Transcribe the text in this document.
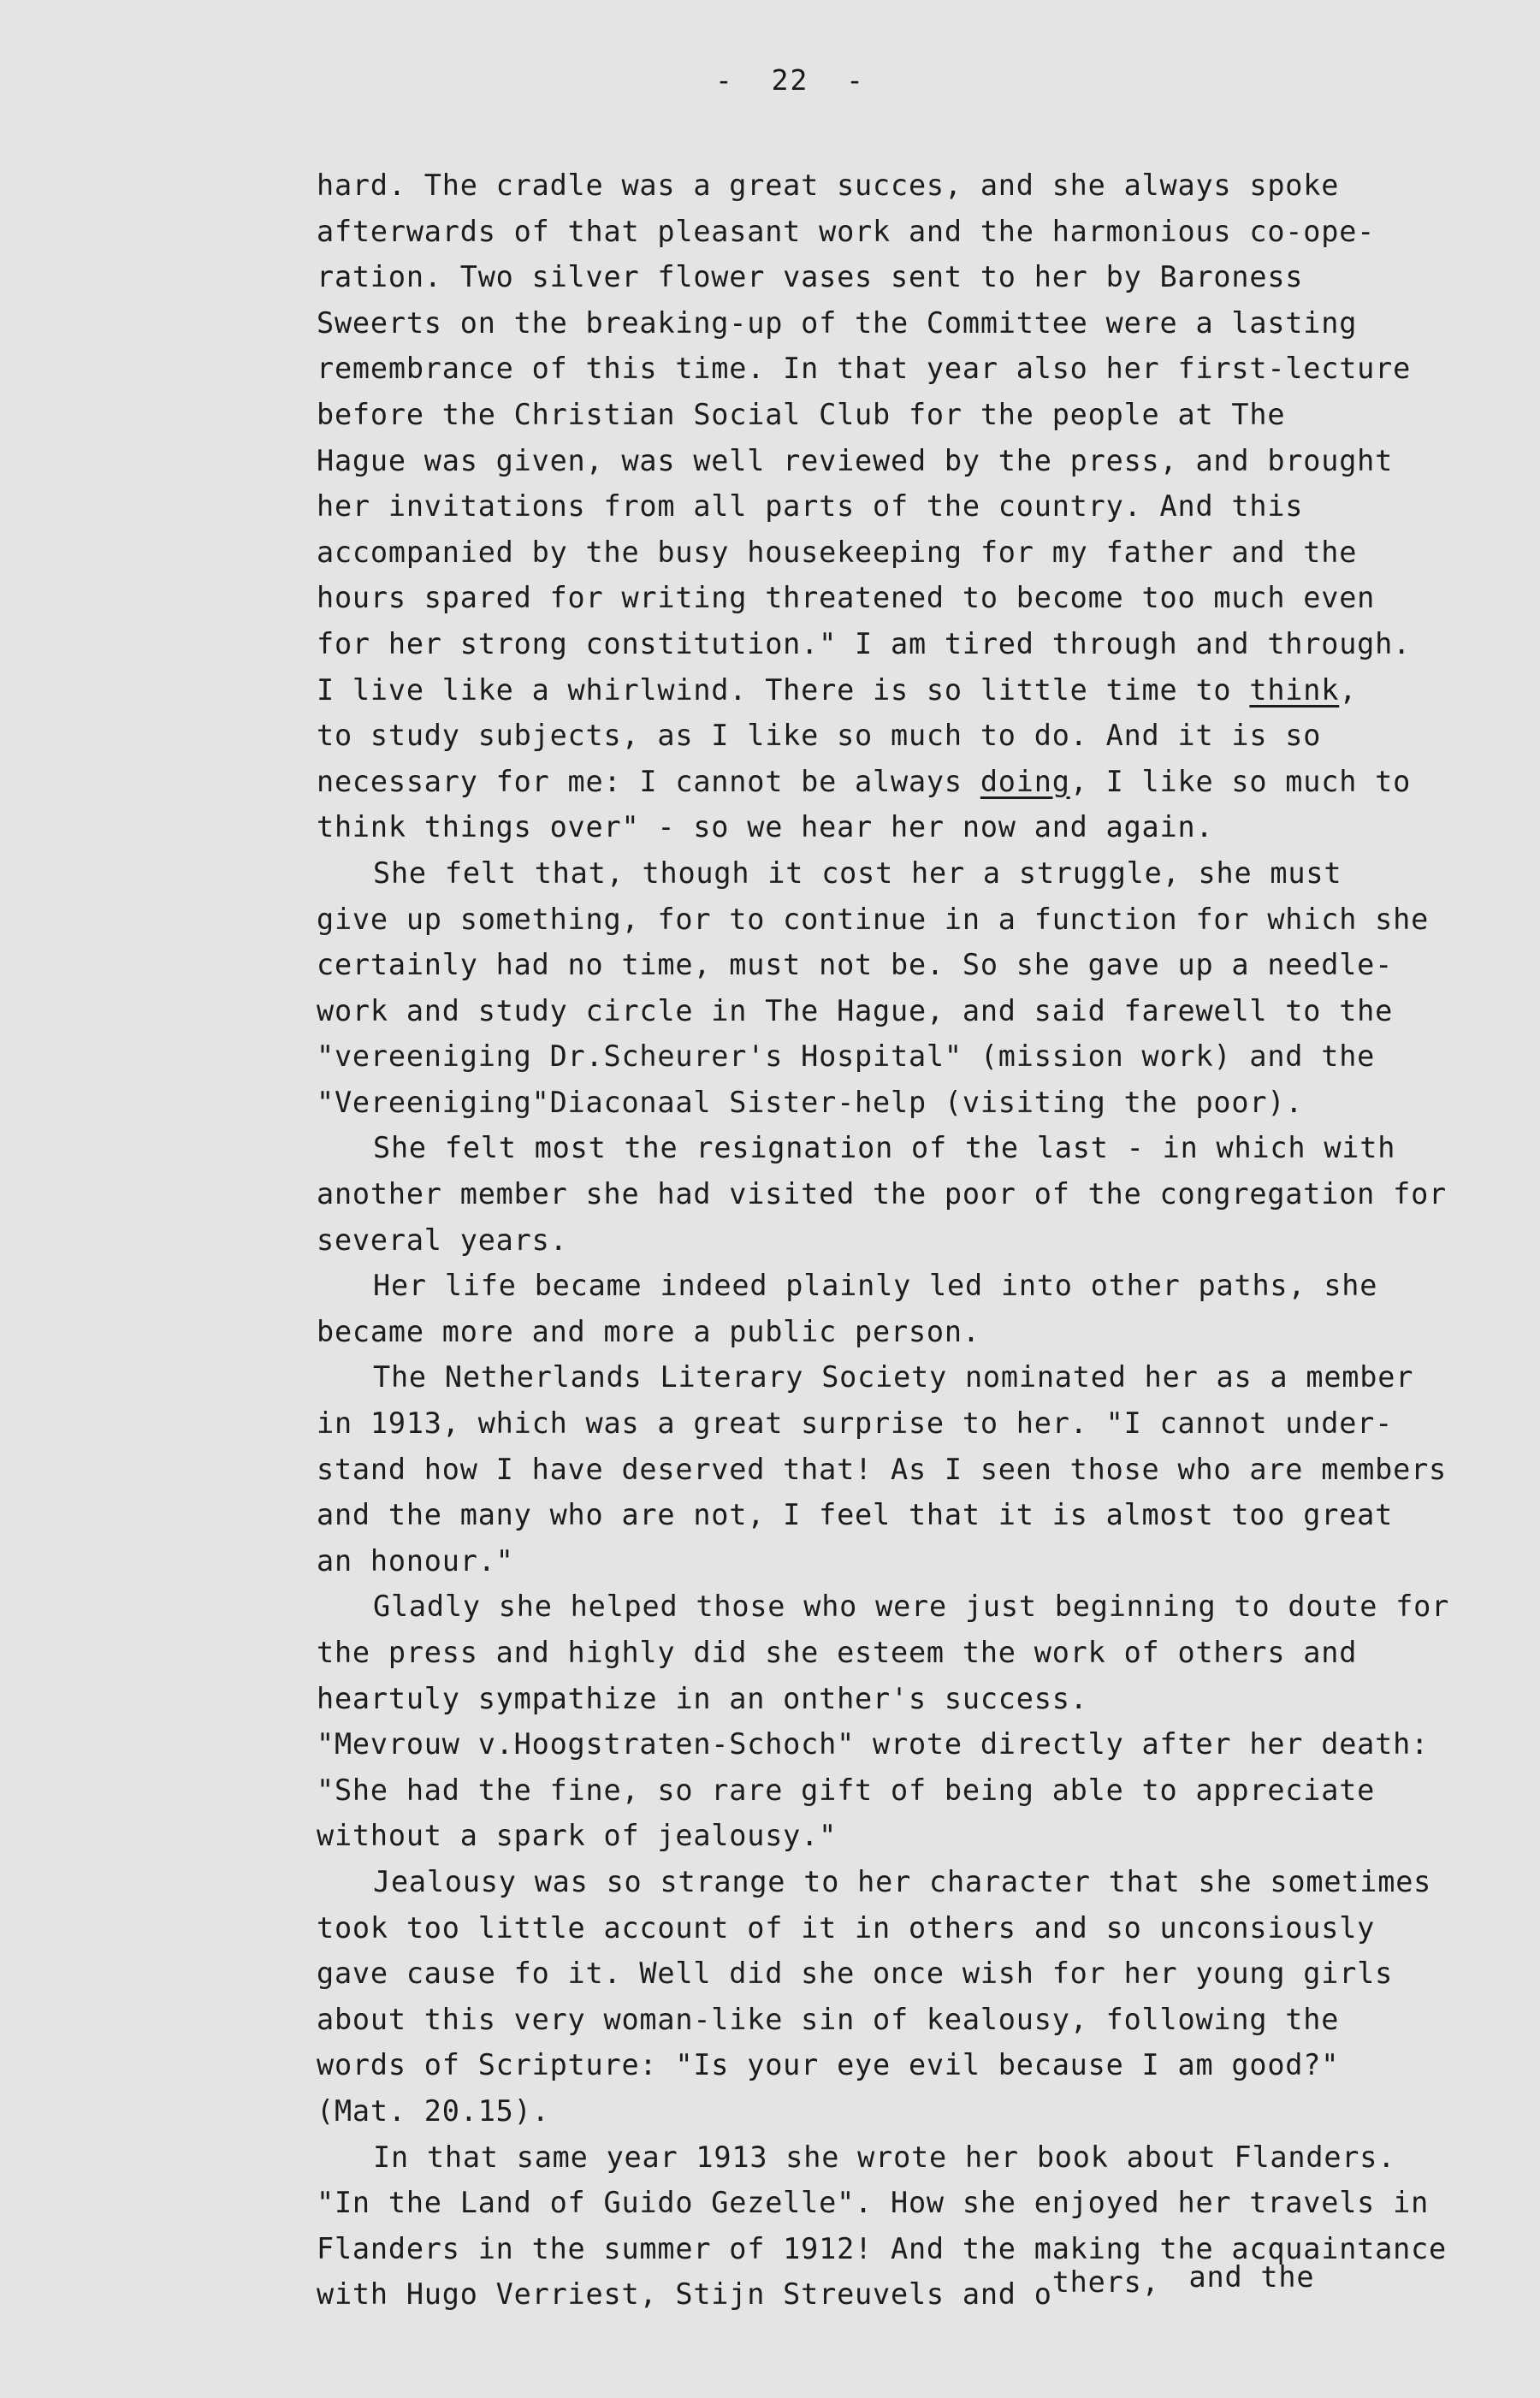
-  22  -
hard. The cradle was a great succes, and she always spoke
afterwards of that pleasant work and the harmonious co-ope-
ration. Two silver flower vases sent to her by Baroness
Sweerts on the breaking-up of the Committee were a lasting
remembrance of this time. In that year also her first-lecture
before the Christian Social Club for the people at The
Hague was given, was well reviewed by the press, and brought
her invitations from all parts of the country. And this
accompanied by the busy housekeeping for my father and the
hours spared for writing threatened to become too much even
for her strong constitution." I am tired through and through.
I live like a whirlwind. There is so little time to think,
to study subjects, as I like so much to do. And it is so
necessary for me: I cannot be always doing, I like so much to
think things over" - so we hear her now and again.
She felt that, though it cost her a struggle, she must
give up something, for to continue in a function for which she
certainly had no time, must not be. So she gave up a needle-
work and study circle in The Hague, and said farewell to the
"vereeniging Dr.Scheurer's Hospital" (mission work) and the
"Vereeniging"Diaconaal Sister-help (visiting the poor).
She felt most the resignation of the last - in which with
another member she had visited the poor of the congregation for
several years.
Her life became indeed plainly led into other paths, she
became more and more a public person.
The Netherlands Literary Society nominated her as a member
in 1913, which was a great surprise to her. "I cannot under-
stand how I have deserved that! As I seen those who are members
and the many who are not, I feel that it is almost too great
an honour."
Gladly she helped those who were just beginning to doute for
the press and highly did she esteem the work of others and
heartuly sympathize in an onther's success.
"Mevrouw v.Hoogstraten-Schoch" wrote directly after her death:
"She had the fine, so rare gift of being able to appreciate
without a spark of jealousy."
Jealousy was so strange to her character that she sometimes
took too little account of it in others and so unconsiously
gave cause fo it. Well did she once wish for her young girls
about this very woman-like sin of kealousy, following the
words of Scripture: "Is your eye evil because I am good?"
(Mat. 20.15).
In that same year 1913 she wrote her book about Flanders.
"In the Land of Guido Gezelle". How she enjoyed her travels in
Flanders in the summer of 1912! And the making the acquaintance
with Hugo Verriest, Stijn Streuvels and others, and the
